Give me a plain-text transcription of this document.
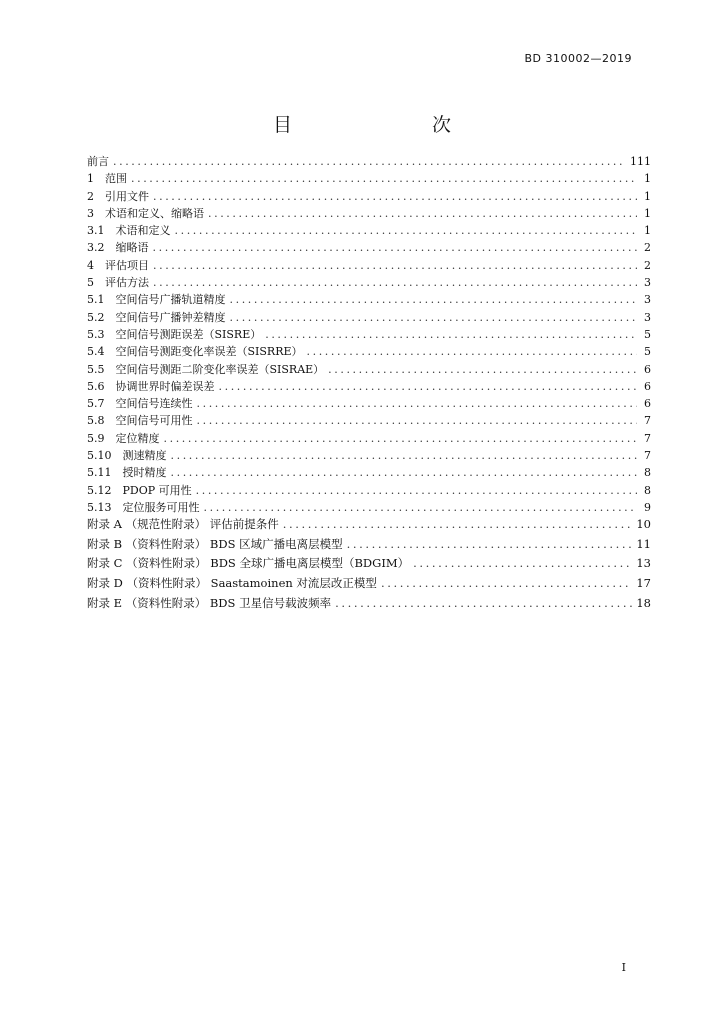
BD 310002—2019
目　　次
前言 .....	111
1　范围 .....	1
2　引用文件 .....	1
3　术语和定义、缩略语 .....	1
3.1　术语和定义 .....	1
3.2　缩略语 .....	2
4　评估项目 .....	2
5　评估方法 .....	3
5.1　空间信号广播轨道精度 .....	3
5.2　空间信号广播钟差精度 .....	3
5.3　空间信号测距误差（SISRE） .....	5
5.4　空间信号测距变化率误差（SISRRE） .....	5
5.5　空间信号测距二阶变化率误差（SISRAE） .....	6
5.6　协调世界时偏差误差 .....	6
5.7　空间信号连续性 .....	6
5.8　空间信号可用性 .....	7
5.9　定位精度 .....	7
5.10　测速精度 .....	7
5.11　授时精度 .....	8
5.12　PDOP 可用性 .....	8
5.13　定位服务可用性 .....	9
附录 A （规范性附录） 评估前提条件 .....	10
附录 B （资料性附录） BDS 区域广播电离层模型 .....	11
附录 C （资料性附录） BDS 全球广播电离层模型（BDGIM） .....	13
附录 D （资料性附录） Saastamoinen 对流层改正模型 .....	17
附录 E （资料性附录） BDS 卫星信号载波频率 .....	18
I
